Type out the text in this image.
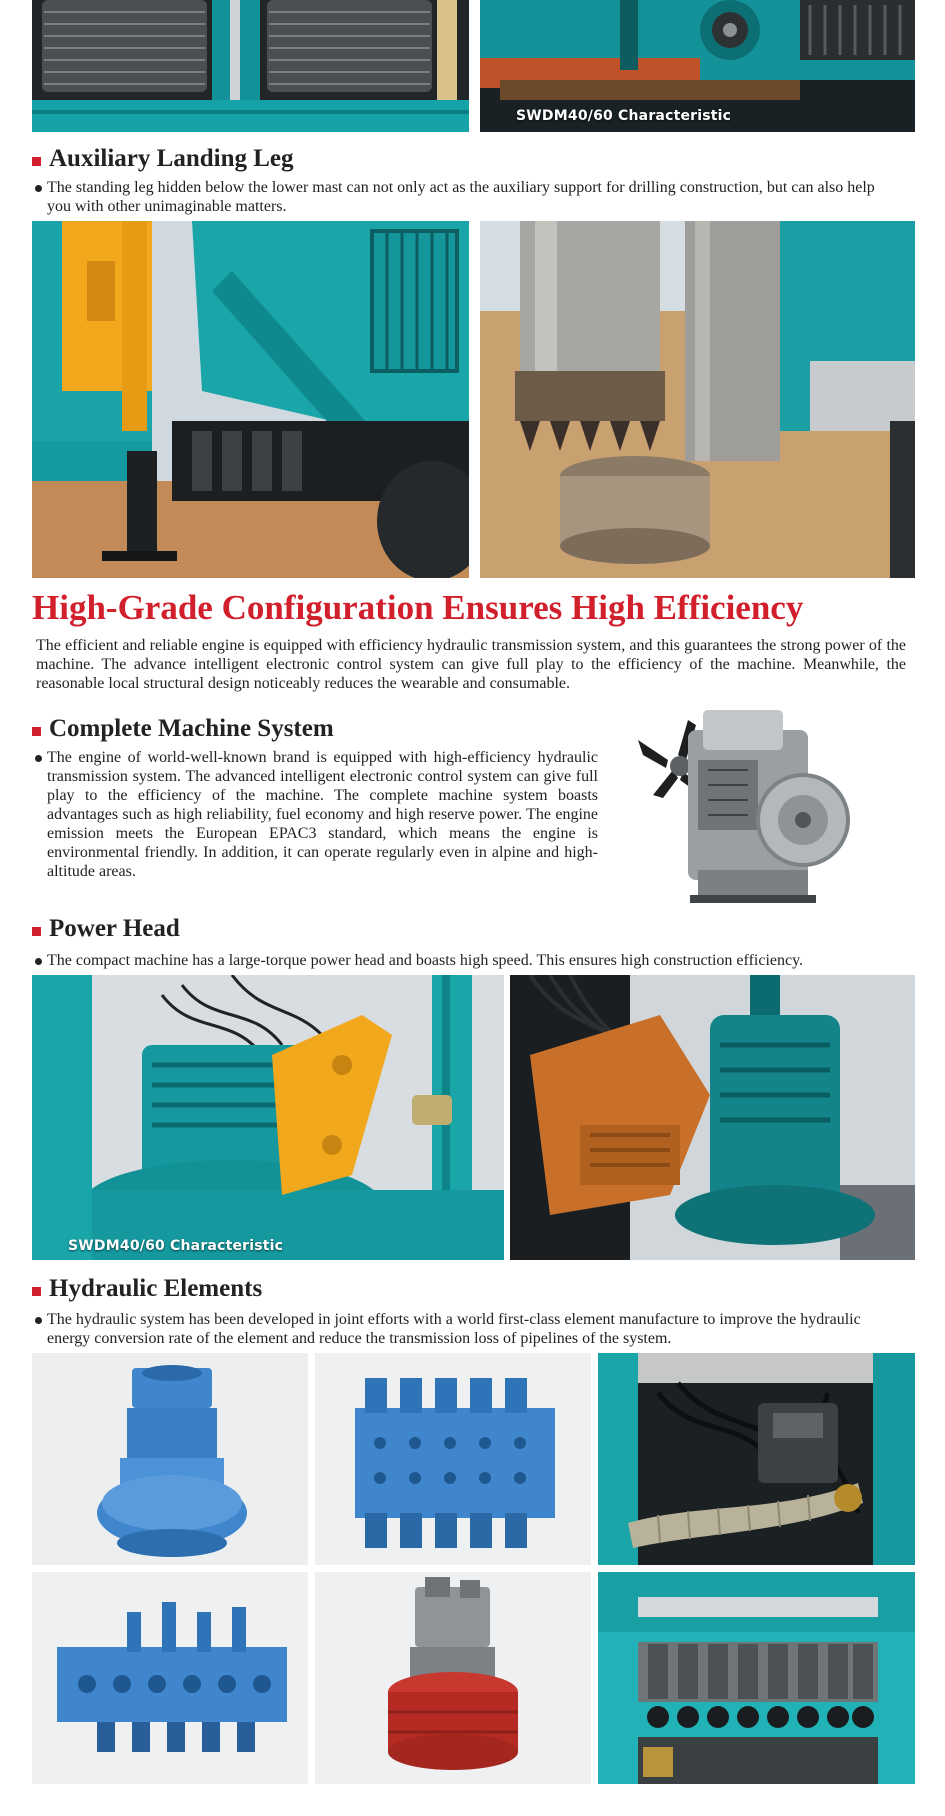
SWDM40/60 Characteristic
Auxiliary Landing Leg
The standing leg hidden below the lower mast can not only act as the auxiliary support for drilling construction, but can also help you with other unimaginable matters.
High-Grade Configuration Ensures High Efficiency
The efficient and reliable engine is equipped with efficiency hydraulic transmission system, and this guarantees the strong power of the machine. The advance intelligent electronic control system can give full play to the efficiency of the machine. Meanwhile, the reasonable local structural design noticeably reduces the wearable and consumable.
Complete Machine System
The engine of world-well-known brand is equipped with high-efficiency hydraulic transmission system. The advanced intelligent electronic control system can give full play to the efficiency of the machine. The complete machine system boasts advantages such as high reliability, fuel economy and high reserve power. The engine emission meets the European EPAC3 standard, which means the engine is environmental friendly. In addition, it can operate regularly even in alpine and high-altitude areas.
Power Head
The compact machine has a large-torque power head and boasts high speed. This ensures high construction efficiency.
SWDM40/60 Characteristic
Hydraulic Elements
The hydraulic system has been developed in joint efforts with a world first-class element manufacture to improve the hydraulic energy conversion rate of the element and reduce the transmission loss of pipelines of the system.
